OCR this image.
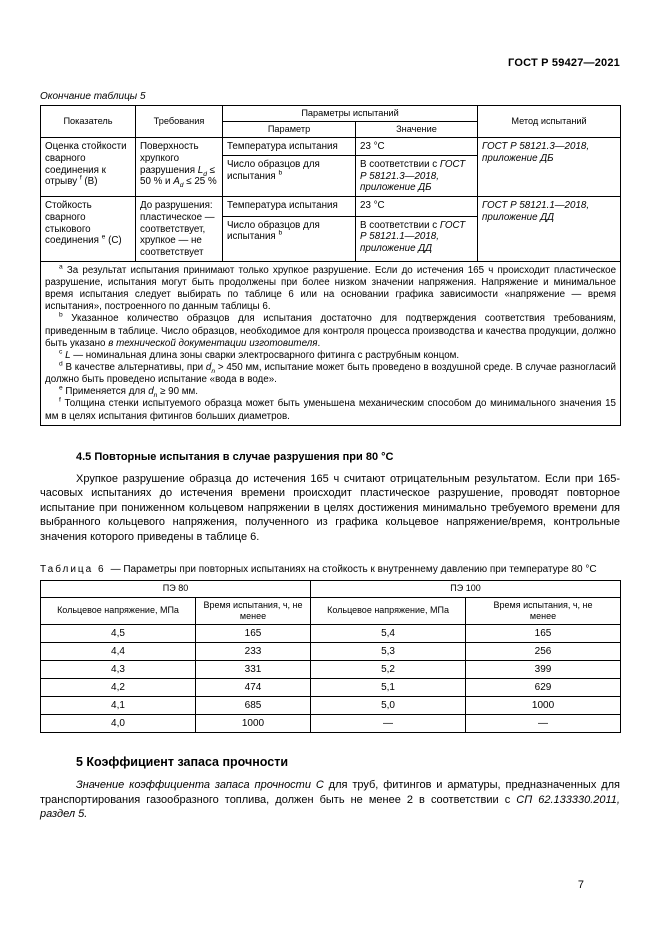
ГОСТ Р 59427—2021
Окончание таблицы 5
Показатель	Требования	Параметры испытаний		Метод испытаний
		Параметр	Значение	
Оценка стойкости сварного соединения к отрыву $^f$ (В)	Поверхность хрупкого разрушения $L_d \le 50$ % и $A_d \le 25$ %	Температура испытания	23 °С	ГОСТ Р 58121.3—2018, приложение ДБ
		Число образцов для испытания $^b$	В соответствии с ГОСТ Р 58121.3—2018, приложение ДБ	
Стойкость сварного стыкового соединения $^e$ (С)	До разрушения: пластическое — соответствует, хрупкое — не соответствует	Температура испытания	23 °С	ГОСТ Р 58121.1—2018, приложение ДД
		Число образцов для испытания $^b$	В соответствии с ГОСТ Р 58121.1—2018, приложение ДД	

$^a$ За результат испытания принимают только хрупкое разрушение. Если до истечения 165 ч происходит пластическое разрушение, испытания могут быть продолжены при более низком значении напряжения. Напряжение и минимальное время испытания следует выбирать по таблице 6 или на основании графика зависимости «напряжение — время испытания», построенного по данным таблицы 6.

$^b$ Указанное количество образцов для испытания достаточно для подтверждения соответствия требованиям, приведенным в таблице. Число образцов, необходимое для контроля процесса производства и качества продукции, должно быть указано в технической документации изготовителя.

$^c$ L — номинальная длина зоны сварки электросварного фитинга с раструбным концом.

$^d$ В качестве альтернативы, при $d_n > 450$ мм, испытание может быть проведено в воздушной среде. В случае разногласий должно быть проведено испытание «вода в воде».

$^e$ Применяется для $d_n \ge 90$ мм.

$^f$ Толщина стенки испытуемого образца может быть уменьшена механическим способом до минимального значения 15 мм в целях испытания фитингов больших диаметров.

4.5 Повторные испытания в случае разрушения при 80 °С

Хрупкое разрушение образца до истечения 165 ч считают отрицательным результатом. Если при 165-часовых испытаниях до истечения времени происходит пластическое разрушение, проводят повторное испытание при пониженном кольцевом напряжении в целях достижения минимально требуемого времени для выбранного кольцевого напряжения, полученного из графика кольцевое напряжение/время, контрольные значения которого приведены в таблице 6.

Таблица 6 — Параметры при повторных испытаниях на стойкость к внутреннему давлению при температуре 80 °С

ПЭ 80		ПЭ 100	
Кольцевое напряжение, МПа	Время испытания, ч, не менее	Кольцевое напряжение, МПа	Время испытания, ч, не менее
4,5	165	5,4	165
4,4	233	5,3	256
4,3	331	5,2	399
4,2	474	5,1	629
4,1	685	5,0	1000
4,0	1000	—	—
5 Коэффициент запаса прочности

Значение коэффициента запаса прочности С для труб, фитингов и арматуры, предназначенных для транспортирования газообразного топлива, должен быть не менее 2 в соответствии с СП 62.133330.2011, раздел 5.

7
